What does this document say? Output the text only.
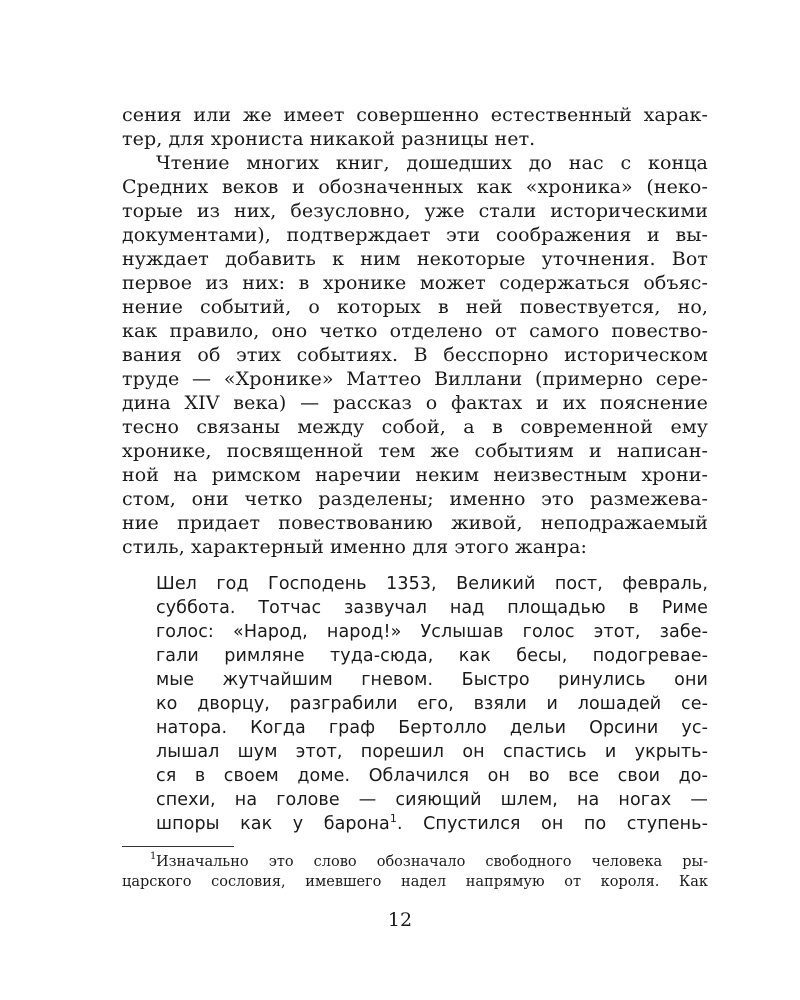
сения или же имеет совершенно естественный харак-
тер, для хрониста никакой разницы нет.
Чтение многих книг, дошедших до нас с конца
Средних веков и обозначенных как «хроника» (неко-
торые из них, безусловно, уже стали историческими
документами), подтверждает эти соображения и вы-
нуждает добавить к ним некоторые уточнения. Вот
первое из них: в хронике может содержаться объяс-
нение событий, о которых в ней повествуется, но,
как правило, оно четко отделено от самого повество-
вания об этих событиях. В бесспорно историческом
труде — «Хронике» Маттео Виллани (примерно сере-
дина XIV века) — рассказ о фактах и их пояснение
тесно связаны между собой, а в современной ему
хронике, посвященной тем же событиям и написан-
ной на римском наречии неким неизвестным хрони-
стом, они четко разделены; именно это размежева-
ние придает повествованию живой, неподражаемый
стиль, характерный именно для этого жанра:
Шел год Господень 1353, Великий пост, февраль,
суббота. Тотчас зазвучал над площадью в Риме
голос: «Народ, народ!» Услышав голос этот, забе-
гали римляне туда-сюда, как бесы, подогревае-
мые жутчайшим гневом. Быстро ринулись они
ко дворцу, разграбили его, взяли и лошадей се-
натора. Когда граф Бертолло дельи Орсини ус-
лышал шум этот, порешил он спастись и укрыть-
ся в своем доме. Облачился он во все свои до-
спехи, на голове — сияющий шлем, на ногах —
шпоры как у барона$^1$. Спустился он по ступень-
1 Изначально это слово обозначало свободного человека ры-
царского сословия, имевшего надел напрямую от короля. Как
12
